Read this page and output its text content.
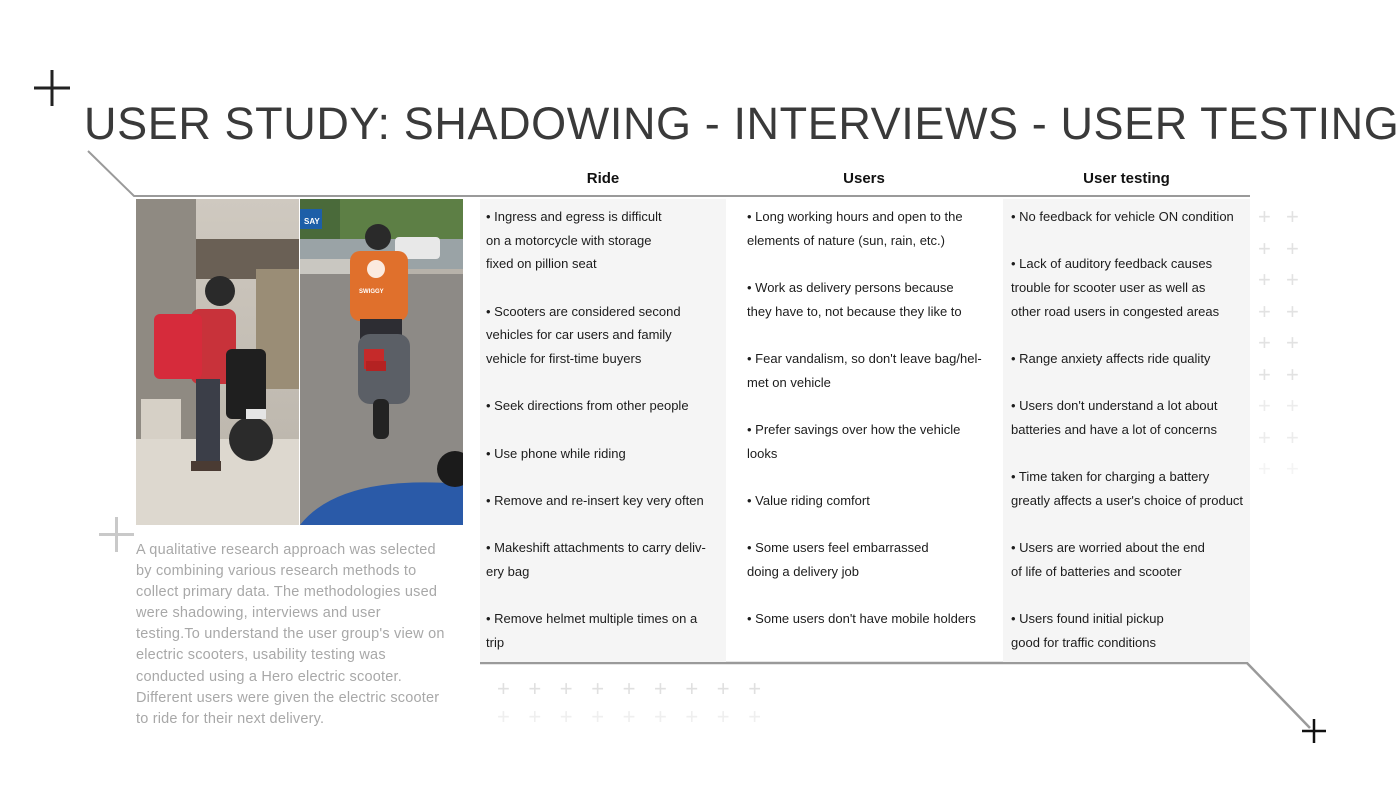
USER STUDY: SHADOWING - INTERVIEWS - USER TESTING
Ride	Users	User testing
SAY
SWIGGY
A qualitative research approach was selected by combining various research methods to collect primary data. The methodologies used were shadowing, interviews and user testing.To understand the user group's view on electric scooters, usability testing was conducted using a Hero electric scooter. Different users were given the electric scooter to ride for their next delivery.
• Ingress and egress is difficult
on a motorcycle with storage
fixed on pillion seat
• Scooters are considered second
vehicles for car users and family
vehicle for first-time buyers
• Seek directions from other people
• Use phone while riding
• Remove and re-insert key very often
• Makeshift attachments to carry deliv-
ery bag
• Remove helmet multiple times on a
trip
• Long working hours and open to the
elements of nature (sun, rain, etc.)
• Work as delivery persons because
they have to, not because they like to
• Fear vandalism, so don't leave bag/hel-
met on vehicle
• Prefer savings over how the vehicle
looks
• Value riding comfort
• Some users feel embarrassed
doing a delivery job
• Some users don't have mobile holders
• No feedback for vehicle ON condition
• Lack of auditory feedback causes
trouble for scooter user as well as
other road users in congested areas
• Range anxiety affects ride quality
• Users don't understand a lot about
batteries and have a lot of concerns
• Time taken for charging a battery
greatly affects a user's choice of product
• Users are worried about the end
of life of batteries and scooter
• Users found initial pickup
good for traffic conditions
+ +
+ +
+ +
+ +
+ +
+ +
+ +
+ +
+ +
+
+
+
+
+
+
+
+
+
+
+
+
+
+
+
+
+
+
